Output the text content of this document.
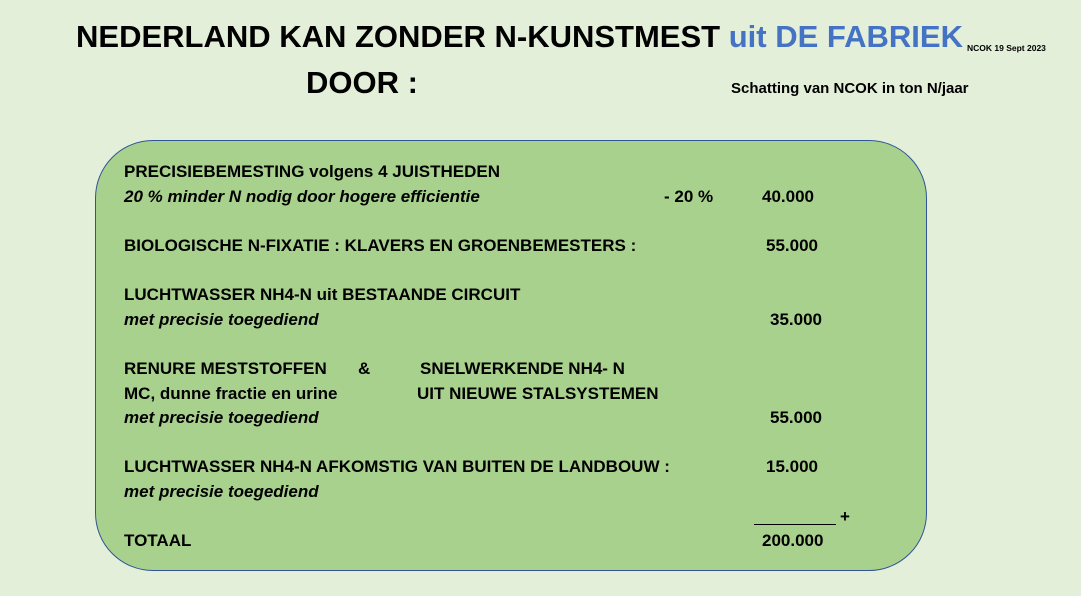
NEDERLAND KAN ZONDER N-KUNSTMEST uit DE FABRIEK
DOOR :
NCOK 19 Sept 2023
Schatting van NCOK in ton N/jaar
PRECISIEBEMESTING volgens 4 JUISTHEDEN
20 % minder N nodig door hogere efficientie	- 20 %	40.000
BIOLOGISCHE N-FIXATIE : KLAVERS EN GROENBEMESTERS :	55.000
LUCHTWASSER NH4-N uit BESTAANDE CIRCUIT
met precisie toegediend	35.000
RENURE MESTSTOFFEN &	SNELWERKENDE NH4- N
MC, dunne fractie en urine	UIT NIEUWE STALSYSTEMEN
met precisie toegediend	55.000
LUCHTWASSER NH4-N AFKOMSTIG VAN BUITEN DE LANDBOUW :	15.000
met precisie toegediend
+
TOTAAL	200.000
